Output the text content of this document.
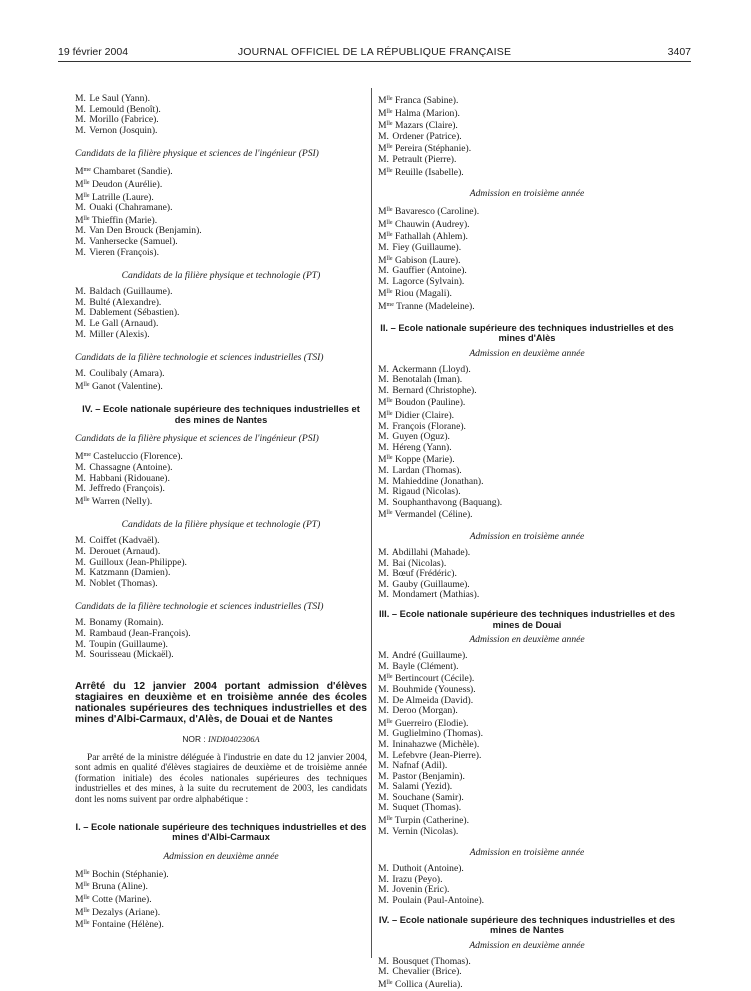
19 février 2004	JOURNAL OFFICIEL DE LA RÉPUBLIQUE FRANÇAISE	3407
M. Le Saul (Yann).
M. Lemould (Benoît).
M. Morillo (Fabrice).
M. Vernon (Josquin).
Candidats de la filière physique et sciences de l'ingénieur (PSI)
$M^{me}$ Chambaret (Sandie).
$M^{lle}$ Deudon (Aurélie).
$M^{lle}$ Latrille (Laure).
M. Ouaki (Chahramane).
$M^{lle}$ Thieffin (Marie).
M. Van Den Brouck (Benjamin).
M. Vanhersecke (Samuel).
M. Vieren (François).
Candidats de la filière physique et technologie (PT)
M. Baldach (Guillaume).
M. Bulté (Alexandre).
M. Dablement (Sébastien).
M. Le Gall (Arnaud).
M. Miller (Alexis).
Candidats de la filière technologie et sciences industrielles (TSI)
M. Coulibaly (Amara).
$M^{lle}$ Ganot (Valentine).
IV. – Ecole nationale supérieure des techniques industrielles et des mines de Nantes
Candidats de la filière physique et sciences de l'ingénieur (PSI)
$M^{me}$ Casteluccio (Florence).
M. Chassagne (Antoine).
M. Habbani (Ridouane).
M. Jeffredo (François).
$M^{lle}$ Warren (Nelly).
Candidats de la filière physique et technologie (PT)
M. Coiffet (Kadvaël).
M. Derouet (Arnaud).
M. Guilloux (Jean-Philippe).
M. Katzmann (Damien).
M. Noblet (Thomas).
Candidats de la filière technologie et sciences industrielles (TSI)
M. Bonamy (Romain).
M. Rambaud (Jean-François).
M. Toupin (Guillaume).
M. Sourisseau (Mickaël).
Arrêté du 12 janvier 2004 portant admission d'élèves stagiaires en deuxième et en troisième année des écoles nationales supérieures des techniques industrielles et des mines d'Albi-Carmaux, d'Alès, de Douai et de Nantes
NOR : INDI0402306A
Par arrêté de la ministre déléguée à l'industrie en date du 12 janvier 2004, sont admis en qualité d'élèves stagiaires de deuxième et de troisième année (formation initiale) des écoles nationales supérieures des techniques industrielles et des mines, à la suite du recrutement de 2003, les candidats dont les noms suivent par ordre alphabétique :
I. – Ecole nationale supérieure des techniques industrielles et des mines d'Albi-Carmaux
Admission en deuxième année
$M^{lle}$ Bochin (Stéphanie).
$M^{lle}$ Bruna (Aline).
$M^{lle}$ Cotte (Marine).
$M^{lle}$ Dezalys (Ariane).
$M^{lle}$ Fontaine (Hélène).
$M^{lle}$ Franca (Sabine).
$M^{lle}$ Halma (Marion).
$M^{lle}$ Mazars (Claire).
M. Ordener (Patrice).
$M^{lle}$ Pereira (Stéphanie).
M. Petrault (Pierre).
$M^{lle}$ Reuille (Isabelle).
Admission en troisième année
$M^{lle}$ Bavaresco (Caroline).
$M^{lle}$ Chauwin (Audrey).
$M^{lle}$ Fathallah (Ahlem).
M. Fiey (Guillaume).
$M^{lle}$ Gabison (Laure).
M. Gauffier (Antoine).
M. Lagorce (Sylvain).
$M^{lle}$ Riou (Magali).
$M^{me}$ Tranne (Madeleine).
II. – Ecole nationale supérieure des techniques industrielles et des mines d'Alès
Admission en deuxième année
M. Ackermann (Lloyd).
M. Benotalah (Iman).
M. Bernard (Christophe).
$M^{lle}$ Boudon (Pauline).
$M^{lle}$ Didier (Claire).
M. François (Florane).
M. Guyen (Oguz).
M. Héreng (Yann).
$M^{lle}$ Koppe (Marie).
M. Lardan (Thomas).
M. Mahieddine (Jonathan).
M. Rigaud (Nicolas).
M. Souphanthavong (Baquang).
$M^{lle}$ Vermandel (Céline).
Admission en troisième année
M. Abdillahi (Mahade).
M. Bai (Nicolas).
M. Bœuf (Frédéric).
M. Gauby (Guillaume).
M. Mondamert (Mathias).
III. – Ecole nationale supérieure des techniques industrielles et des mines de Douai
Admission en deuxième année
M. André (Guillaume).
M. Bayle (Clément).
$M^{lle}$ Bertincourt (Cécile).
M. Bouhmide (Youness).
M. De Almeida (David).
M. Deroo (Morgan).
$M^{lle}$ Guerreiro (Elodie).
M. Guglielmino (Thomas).
M. Ininahazwe (Michèle).
M. Lefebvre (Jean-Pierre).
M. Nafnaf (Adil).
M. Pastor (Benjamin).
M. Salami (Yezid).
M. Souchane (Samir).
M. Suquet (Thomas).
$M^{lle}$ Turpin (Catherine).
M. Vernin (Nicolas).
Admission en troisième année
M. Duthoit (Antoine).
M. Irazu (Peyo).
M. Jovenin (Eric).
M. Poulain (Paul-Antoine).
IV. – Ecole nationale supérieure des techniques industrielles et des mines de Nantes
Admission en deuxième année
M. Bousquet (Thomas).
M. Chevalier (Brice).
$M^{lle}$ Collica (Aurelia).
